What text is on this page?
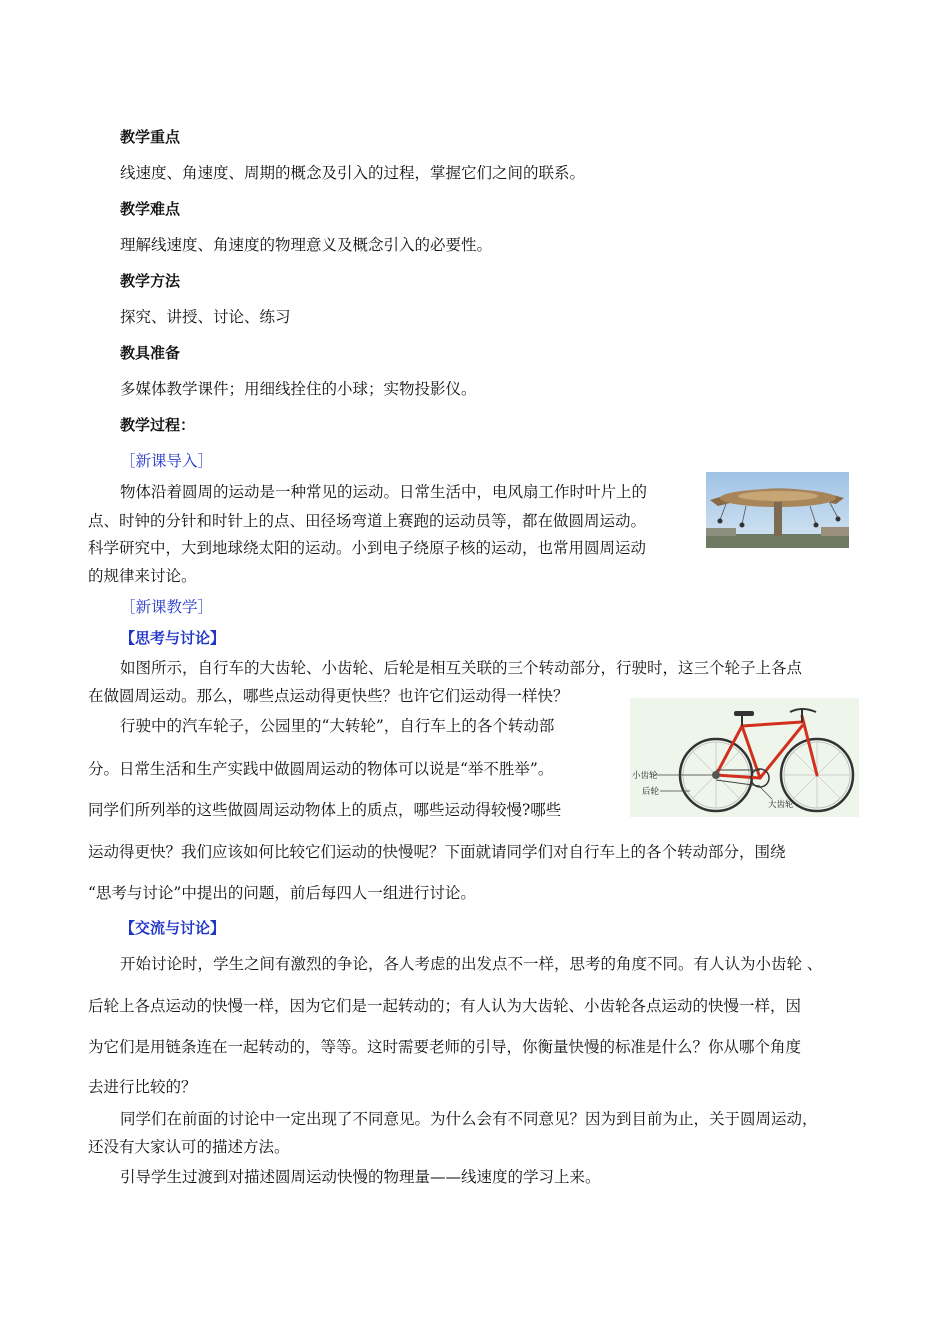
教学重点
线速度、角速度、周期的概念及引入的过程，掌握它们之间的联系。
教学难点
理解线速度、角速度的物理意义及概念引入的必要性。
教学方法
探究、讲授、讨论、练习
教具准备
多媒体教学课件；用细线拴住的小球；实物投影仪。
教学过程：
［新课导入］
物体沿着圆周的运动是一种常见的运动。日常生活中，电风扇工作时叶片上的
点、时钟的分针和时针上的点、田径场弯道上赛跑的运动员等，都在做圆周运动。
科学研究中，大到地球绕太阳的运动。小到电子绕原子核的运动，也常用圆周运动
的规律来讨论。
［新课教学］
【思考与讨论】
如图所示，自行车的大齿轮、小齿轮、后轮是相互关联的三个转动部分，行驶时，这三个轮子上各点
在做圆周运动。那么，哪些点运动得更快些？也许它们运动得一样快？
行驶中的汽车轮子，公园里的“大转轮”，自行车上的各个转动部
分。日常生活和生产实践中做圆周运动的物体可以说是“举不胜举”。
同学们所列举的这些做圆周运动物体上的质点，哪些运动得较慢?哪些
运动得更快？我们应该如何比较它们运动的快慢呢？下面就请同学们对自行车上的各个转动部分，围绕
“思考与讨论”中提出的问题，前后每四人一组进行讨论。
小齿轮
后轮
大齿轮
【交流与讨论】
开始讨论时，学生之间有激烈的争论，各人考虑的出发点不一样，思考的角度不同。有人认为小齿轮 、
后轮上各点运动的快慢一样，因为它们是一起转动的；有人认为大齿轮、小齿轮各点运动的快慢一样，因
为它们是用链条连在一起转动的，等等。这时需要老师的引导，你衡量快慢的标准是什么？你从哪个角度
去进行比较的？
同学们在前面的讨论中一定出现了不同意见。为什么会有不同意见？因为到目前为止，关于圆周运动，
还没有大家认可的描述方法。
引导学生过渡到对描述圆周运动快慢的物理量——线速度的学习上来。
